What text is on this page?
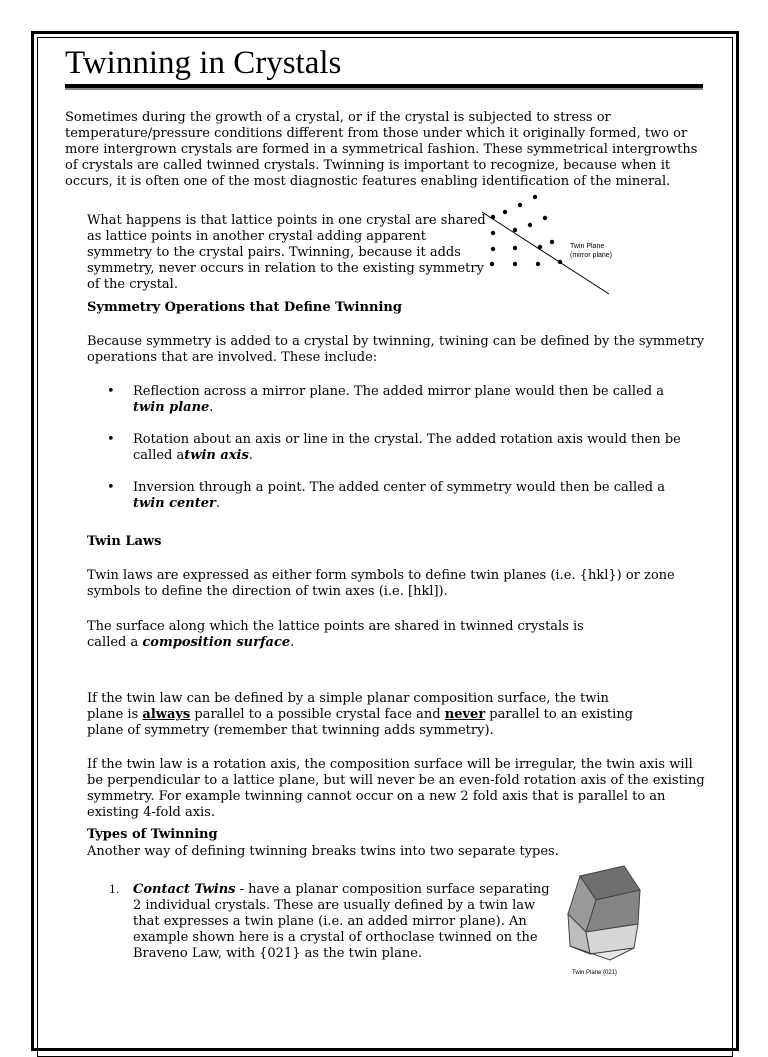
Twinning in Crystals

Sometimes during the growth of a crystal, or if the crystal is subjected to stress or temperature/pressure conditions different from those under which it originally formed, two or more intergrown crystals are formed in a symmetrical fashion. These symmetrical intergrowths of crystals are called twinned crystals. Twinning is important to recognize, because when it occurs, it is often one of the most diagnostic features enabling identification of the mineral.

What happens is that lattice points in one crystal are shared as lattice points in another crystal adding apparent symmetry to the crystal pairs. Twinning, because it adds symmetry, never occurs in relation to the existing symmetry of the crystal.

Twin Plane
(mirror plane)
Symmetry Operations that Define Twinning

Because symmetry is added to a crystal by twinning, twining can be defined by the symmetry operations that are involved. These include:

• Reflection across a mirror plane. The added mirror plane would then be called a twin plane.
• Rotation about an axis or line in the crystal. The added rotation axis would then be called atwin axis.
• Inversion through a point. The added center of symmetry would then be called a twin center.
Twin Laws

Twin laws are expressed as either form symbols to define twin planes (i.e. {hkl}) or zone symbols to define the direction of twin axes (i.e. [hkl]).

The surface along which the lattice points are shared in twinned crystals is called a composition surface.

If the twin law can be defined by a simple planar composition surface, the twin plane is always parallel to a possible crystal face and never parallel to an existing plane of symmetry (remember that twinning adds symmetry).

If the twin law is a rotation axis, the composition surface will be irregular, the twin axis will be perpendicular to a lattice plane, but will never be an even-fold rotation axis of the existing symmetry. For example twinning cannot occur on a new 2 fold axis that is parallel to an existing 4-fold axis.

Types of Twinning

Another way of defining twinning breaks twins into two separate types.

1. Contact Twins - have a planar composition surface separating 2 individual crystals. These are usually defined by a twin law that expresses a twin plane (i.e. an added mirror plane). An example shown here is a crystal of orthoclase twinned on the Braveno Law, with {021} as the twin plane.
Twin Plane {021}
